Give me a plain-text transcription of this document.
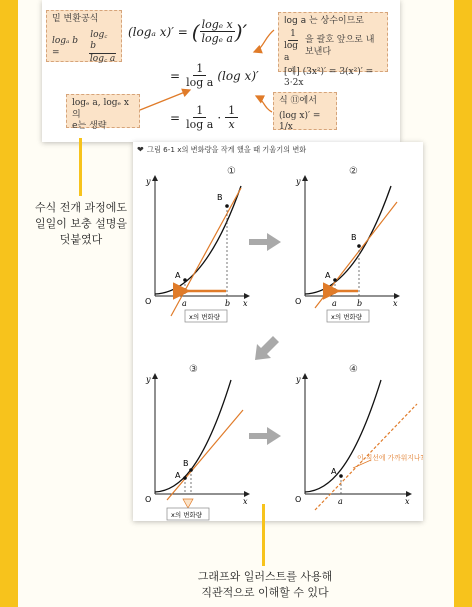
밑 변환공식
logₐ b =	$\frac{\log꜀ b}{\log꜀ a}$
log a 는 상수이므로
$\frac{1}{\text{log a}}$ 을 괄호 앞으로 내보낸다
[예] (3x²)′ = 3(x²)′ = 3·2x
logₑ a, logₑ x의
e는 생략
식 ⑪에서
(log x)′ = 1/x
(logₐ x)′ = ( $\frac{\text{logₑ x}}{\text{logₑ a}}$ )′
= $\frac{1}{\text{log a}} (\log$ x)′
= $\frac{1}{\text{log a}} \cdot 1$
x
수식 전개 과정에도
일일이 보충 설명을
덧붙였다
❤ 그림 6-1 x의 변화량을 작게 했을 때 기울기의 변화
①
y
x
O
A
B
a	b
x의 변화량
②
y
x
O
A
B
a	b
x의 변화량
③
y
x
O
A
B
x의 변화량
④
y
x
O
A
a
이 직선에 가까워지나?
그래프와 일러스트를 사용해
직관적으로 이해할 수 있다
